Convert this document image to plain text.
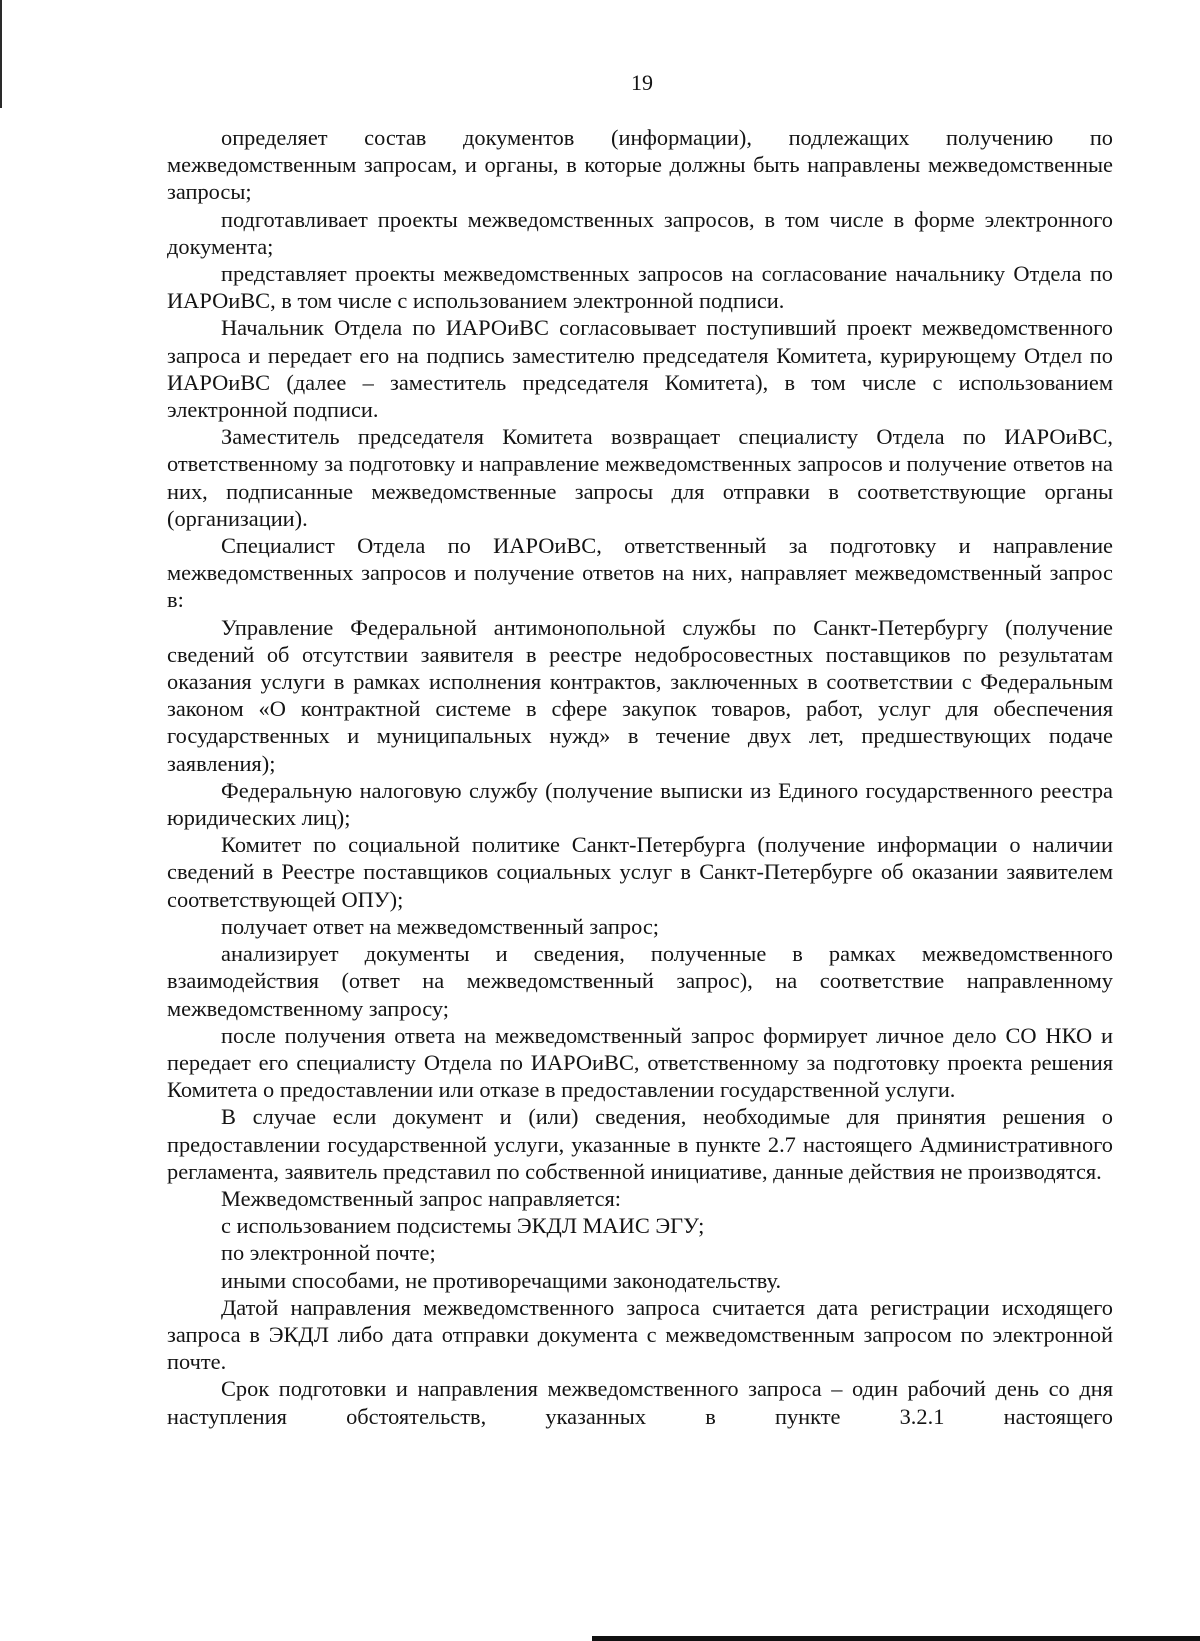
19

определяет состав документов (информации), подлежащих получению по межведомственным запросам, и органы, в которые должны быть направлены межведомственные запросы;

подготавливает проекты межведомственных запросов, в том числе в форме электронного документа;

представляет проекты межведомственных запросов на согласование начальнику Отдела по ИАРОиВС, в том числе с использованием электронной подписи.

Начальник Отдела по ИАРОиВС согласовывает поступивший проект межведомственного запроса и передает его на подпись заместителю председателя Комитета, курирующему Отдел по ИАРОиВС (далее – заместитель председателя Комитета), в том числе с использованием электронной подписи.

Заместитель председателя Комитета возвращает специалисту Отдела по ИАРОиВС, ответственному за подготовку и направление межведомственных запросов и получение ответов на них, подписанные межведомственные запросы для отправки в соответствующие органы (организации).

Специалист Отдела по ИАРОиВС, ответственный за подготовку и направление межведомственных запросов и получение ответов на них, направляет межведомственный запрос в:

Управление Федеральной антимонопольной службы по Санкт-Петербургу (получение сведений об отсутствии заявителя в реестре недобросовестных поставщиков по результатам оказания услуги в рамках исполнения контрактов, заключенных в соответствии с Федеральным законом «О контрактной системе в сфере закупок товаров, работ, услуг для обеспечения государственных и муниципальных нужд» в течение двух лет, предшествующих подаче заявления);

Федеральную налоговую службу (получение выписки из Единого государственного реестра юридических лиц);

Комитет по социальной политике Санкт-Петербурга (получение информации о наличии сведений в Реестре поставщиков социальных услуг в Санкт-Петербурге об оказании заявителем соответствующей ОПУ);

получает ответ на межведомственный запрос;

анализирует документы и сведения, полученные в рамках межведомственного взаимодействия (ответ на межведомственный запрос), на соответствие направленному межведомственному запросу;

после получения ответа на межведомственный запрос формирует личное дело СО НКО и передает его специалисту Отдела по ИАРОиВС, ответственному за подготовку проекта решения Комитета о предоставлении или отказе в предоставлении государственной услуги.

В случае если документ и (или) сведения, необходимые для принятия решения о предоставлении государственной услуги, указанные в пункте 2.7 настоящего Административного регламента, заявитель представил по собственной инициативе, данные действия не производятся.

Межведомственный запрос направляется:

с использованием подсистемы ЭКДЛ МАИС ЭГУ;

по электронной почте;

иными способами, не противоречащими законодательству.

Датой направления межведомственного запроса считается дата регистрации исходящего запроса в ЭКДЛ либо дата отправки документа с межведомственным запросом по электронной почте.

Срок подготовки и направления межведомственного запроса – один рабочий день со дня наступления обстоятельств, указанных в пункте 3.2.1 настоящего
